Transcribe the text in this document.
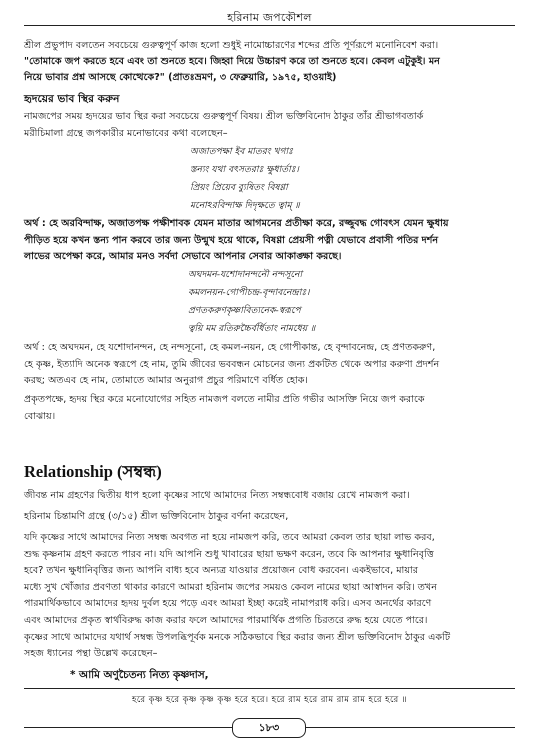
হরিনাম জপকৌশল

শ্রীল প্রভুপাদ বলতেন সবচেয়ে গুরুত্বপূর্ণ কাজ হলো শুধুই নামোচ্চারণের শব্দের প্রতি পূর্ণরূপে মনোনিবেশ করা।

"তোমাকে জপ করতে হবে এবং তা শুনতে হবে। জিহ্বা দিয়ে উচ্চারণ করে তা শুনতে হবে। কেবল এটুকুই। মন

নিয়ে ভাবার প্রশ্ন আসছে কোত্থেকে?" (প্রাতঃভ্রমণ, ৩ ফেব্রুয়ারি, ১৯৭৫, হাওয়াই)

হৃদয়ের ভাব স্থির করুন

নামজপের সময় হৃদয়ের ভাব স্থির করা সবচেয়ে গুরুত্বপূর্ণ বিষয়। শ্রীল ভক্তিবিনোদ ঠাকুর তাঁর শ্রীভাগবতার্ক

মরীচিমালা গ্রন্থে জপকারীর মনোভাবের কথা বলেছেন–

অজাতপক্ষা ইব মাতরং খগাঃ
স্তন্যং যথা বৎসতরাঃ ক্ষুধার্তাঃ।
প্রিয়ং প্রিয়েব ব্যুষিতং বিষণ্ণা
মনোঽরবিন্দাক্ষ দিদৃক্ষতে ত্বাম্ ॥
অর্থ : হে অরবিন্দাক্ষ, অজাতপক্ষ পক্ষীশাবক যেমন মাতার আগমনের প্রতীক্ষা করে, রজ্জুবদ্ধ গোবৎস যেমন ক্ষুধায়
পীড়িত হয়ে কখন স্তন্য পান করবে তার জন্য উন্মুখ হয়ে থাকে, বিষণ্ণা প্রেয়সী পত্নী যেভাবে প্রবাসী পতির দর্শন
লাভের অপেক্ষা করে, আমার মনও সর্বদা সেভাবে আপনার সেবার আকাঙ্ক্ষা করছে।
অঘদমন-যশোদানন্দনৌ নন্দসূনো
কমলনয়ন-গোপীচন্দ্র-বৃন্দাবনেন্দ্রাঃ।
প্রণতকরুণকৃষ্ণাবিত্যনেক-স্বরূপে
ত্বয়ি মম রতিরুচ্চৈর্বর্ধিতাং নামধেয় ॥
অর্থ : হে অঘদমন, হে যশোদানন্দন, হে নন্দসূনো, হে কমল-নয়ন, হে গোপীকান্ত, হে বৃন্দাবনেন্দ্র, হে প্রণতকরুণ,
হে কৃষ্ণ, ইত্যাদি অনেক স্বরূপে হে নাম, তুমি জীবের ভববন্ধন মোচনের জন্য প্রকটিত থেকে অপার করুণা প্রদর্শন
করছ; অতএব হে নাম, তোমাতে আমার অনুরাগ প্রচুর পরিমাণে বর্ধিত হোক।
প্রকৃতপক্ষে, হৃদয় স্থির করে মনোযোগের সহিত নামজপ বলতে নামীর প্রতি গভীর আসক্তি নিয়ে জপ করাকে
বোঝায়।
Relationship (সম্বন্ধ)

জীবন্ত নাম গ্রহণের দ্বিতীয় ধাপ হলো কৃষ্ণের সাথে আমাদের নিত্য সম্বন্ধবোধ বজায় রেখে নামজপ করা।

হরিনাম চিন্তামণি গ্রন্থে (৩/১৫) শ্রীল ভক্তিবিনোদ ঠাকুর বর্ণনা করেছেন,

যদি কৃষ্ণের সাথে আমাদের নিত্য সম্বন্ধ অবগত না হয়ে নামজপ করি, তবে আমরা কেবল তার ছায়া লাভ করব,
শুদ্ধ কৃষ্ণনাম গ্রহণ করতে পারব না। যদি আপনি শুধু খাবারের ছায়া ভক্ষণ করেন, তবে কি আপনার ক্ষুধানিবৃত্তি
হবে? তখন ক্ষুধানিবৃত্তির জন্য আপনি বাধ্য হবে অন্যত্র যাওয়ার প্রয়োজন বোধ করবেন। একইভাবে, মায়ার
মধ্যে সুখ খোঁজার প্রবণতা থাকার কারণে আমরা হরিনাম জপের সময়ও কেবল নামের ছায়া আস্বাদন করি। তখন
পারমার্থিকভাবে আমাদের হৃদয় দুর্বল হয়ে পড়ে এবং আমরা ইচ্ছা করেই নামাপরাধ করি। এসব অনর্থের কারণে
এবং আমাদের প্রকৃত স্বার্থবিরুদ্ধ কাজ করার ফলে আমাদের পারমার্থিক প্রগতি চিরতরে রুদ্ধ হয়ে যেতে পারে।
কৃষ্ণের সাথে আমাদের যথার্থ সম্বন্ধ উপলব্ধিপূর্বক মনকে সঠিকভাবে স্থির করার জন্য শ্রীল ভক্তিবিনোদ ঠাকুর একটি
সহজ ধ্যানের পন্থা উল্লেখ করেছেন–
* আমি অণুচৈতন্য নিত্য কৃষ্ণদাস,
হরে কৃষ্ণ হরে কৃষ্ণ কৃষ্ণ কৃষ্ণ হরে হরে। হরে রাম হরে রাম রাম রাম হরে হরে ॥
১৮৩
